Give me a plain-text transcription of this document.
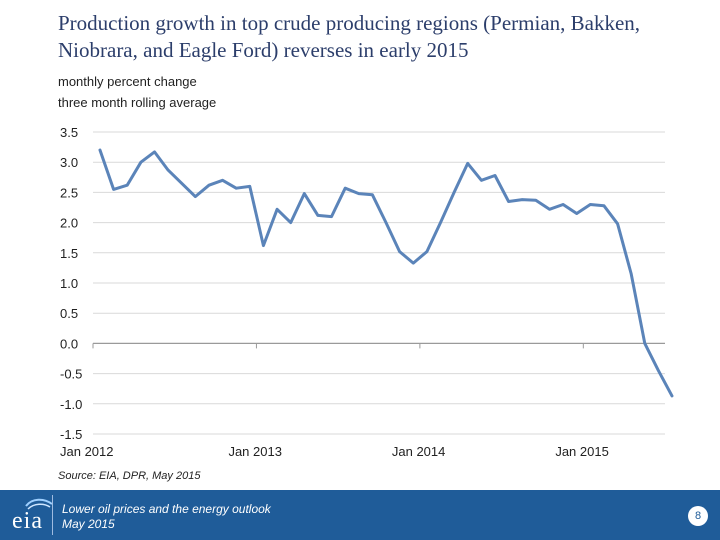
Production growth in top crude producing regions (Permian, Bakken, Niobrara, and Eagle Ford) reverses in early 2015
monthly percent change
three month rolling average
3.5
3.0
2.5
2.0
1.5
1.0
0.5
0.0
-0.5
-1.0
-1.5
Jan 2012	Jan 2013	Jan 2014	Jan 2015
Source: EIA, DPR, May 2015
eia Lower oil prices and the energy outlook
May 2015
8
